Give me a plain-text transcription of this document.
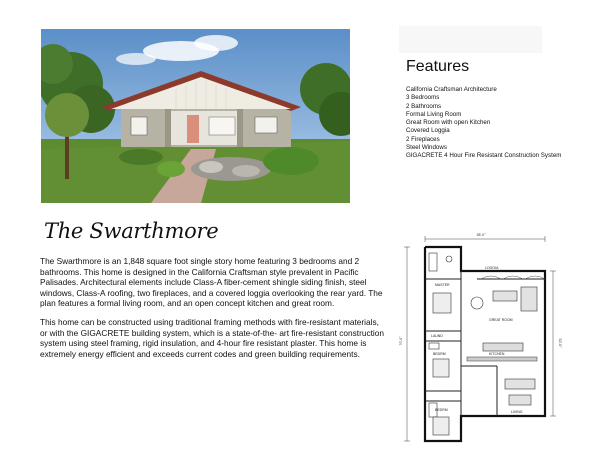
Features
California Craftsman Architecture
3 Bedrooms
2 Bathrooms
Formal Living Room
Great Room with open Kitchen
Covered Loggia
2 Fireplaces
Steel Windows
GIGACRETE 4 Hour Fire Resistant Construction System
The Swarthmore

The Swarthmore is an 1,848 square foot single story home featuring 3 bedrooms and 2 bathrooms. This home is designed in the California Craftsman style prevalent in Pacific Palisades. Architectural elements include Class-A fiber-cement shingle siding finish, steel windows, Class-A roofing, two fireplaces, and a covered loggia overlooking the rear yard. The plan features a formal living room, and an open concept kitchen and great room.

This home can be constructed using traditional framing methods with fire-resistant materials, or with the GIGACRETE building system, which is a state-of-the- art fire-resistant construction system using steel framing, rigid insulation, and 4-hour fire resistant plaster. This home is extremely energy efficient and exceeds current codes and green building requirements.

38'-0"
70'-0"	52'-0"
MASTER
LOGGIA
GREAT ROOM
LAUND
KITCHEN
BEDRM
BEDRM	LIVING
